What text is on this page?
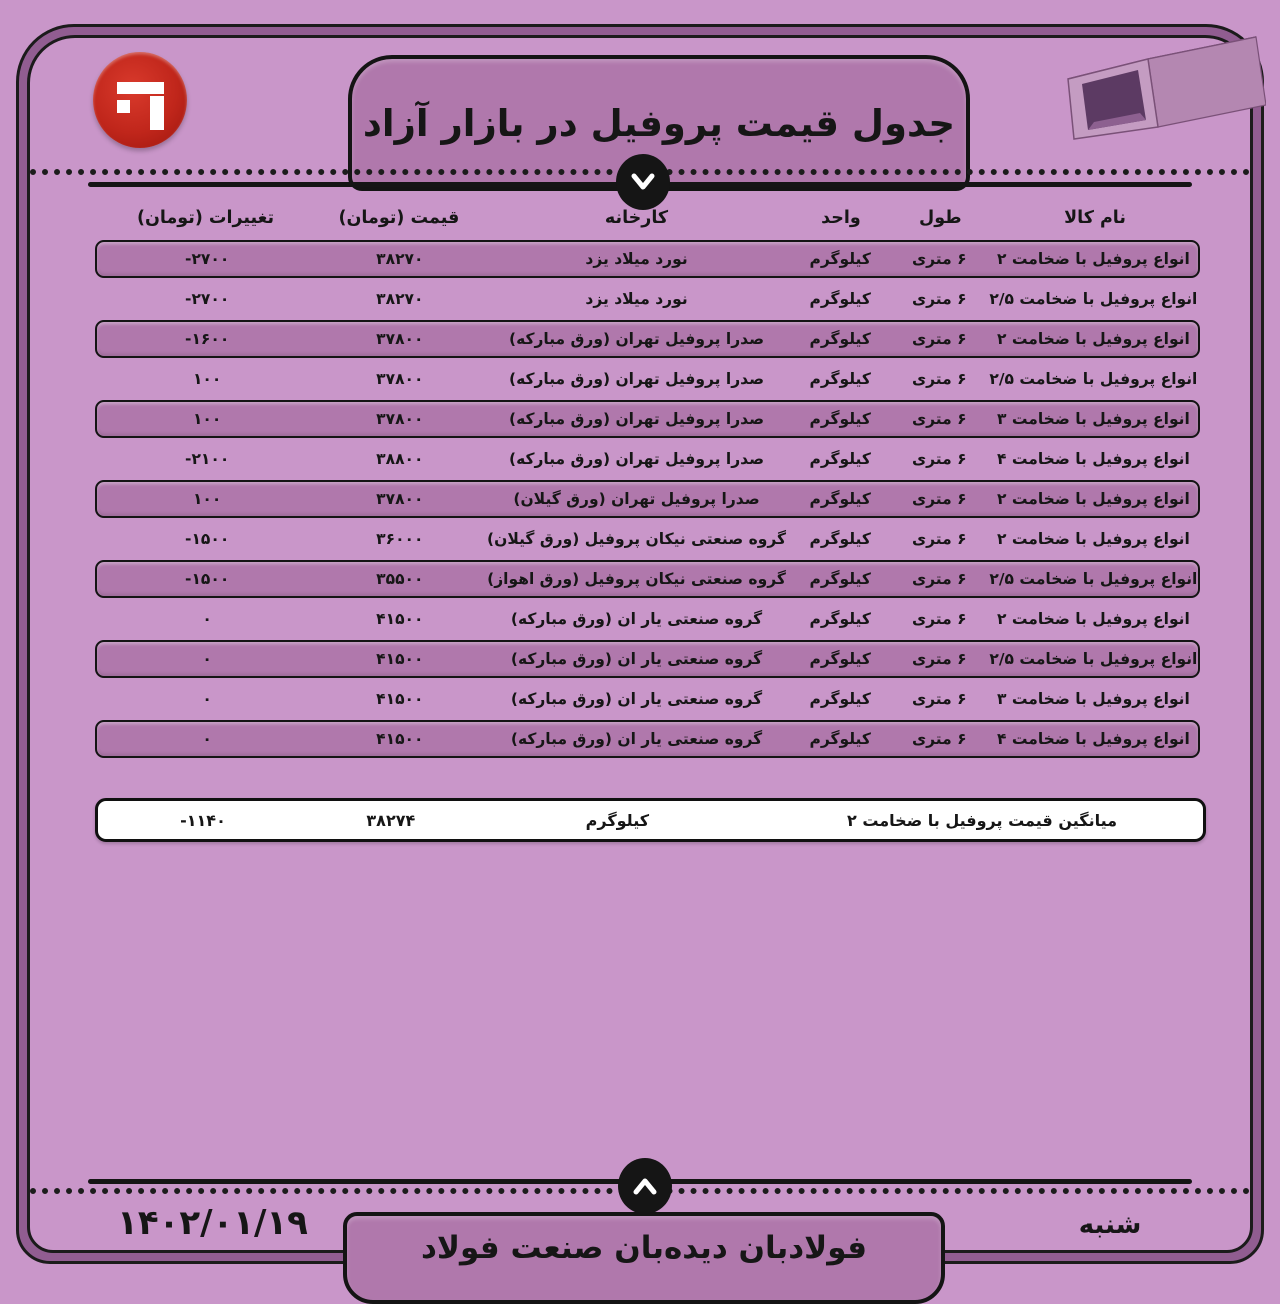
جدول قیمت پروفیل در بازار آزاد
نام کالا
طول
واحد
کارخانه
قیمت (تومان)
تغییرات (تومان)
انواع پروفیل با ضخامت ۲
۶ متری
کیلوگرم
نورد میلاد یزد
۳۸۲۷۰
-۲۷۰۰
انواع پروفیل با ضخامت ۲/۵
۶ متری
کیلوگرم
نورد میلاد یزد
۳۸۲۷۰
-۲۷۰۰
انواع پروفیل با ضخامت ۲
۶ متری
کیلوگرم
صدرا پروفیل تهران (ورق مبارکه)
۳۷۸۰۰
-۱۶۰۰
انواع پروفیل با ضخامت ۲/۵
۶ متری
کیلوگرم
صدرا پروفیل تهران (ورق مبارکه)
۳۷۸۰۰
۱۰۰
انواع پروفیل با ضخامت ۳
۶ متری
کیلوگرم
صدرا پروفیل تهران (ورق مبارکه)
۳۷۸۰۰
۱۰۰
انواع پروفیل با ضخامت ۴
۶ متری
کیلوگرم
صدرا پروفیل تهران (ورق مبارکه)
۳۸۸۰۰
-۲۱۰۰
انواع پروفیل با ضخامت ۲
۶ متری
کیلوگرم
صدرا پروفیل تهران (ورق گیلان)
۳۷۸۰۰
۱۰۰
انواع پروفیل با ضخامت ۲
۶ متری
کیلوگرم
گروه صنعتی نیکان پروفیل (ورق گیلان)
۳۶۰۰۰
-۱۵۰۰
انواع پروفیل با ضخامت ۲/۵
۶ متری
کیلوگرم
گروه صنعتی نیکان پروفیل (ورق اهواز)
۳۵۵۰۰
-۱۵۰۰
انواع پروفیل با ضخامت ۲
۶ متری
کیلوگرم
گروه صنعتی یار ان (ورق مبارکه)
۴۱۵۰۰
۰
انواع پروفیل با ضخامت ۲/۵
۶ متری
کیلوگرم
گروه صنعتی یار ان (ورق مبارکه)
۴۱۵۰۰
۰
انواع پروفیل با ضخامت ۳
۶ متری
کیلوگرم
گروه صنعتی یار ان (ورق مبارکه)
۴۱۵۰۰
۰
انواع پروفیل با ضخامت ۴
۶ متری
کیلوگرم
گروه صنعتی یار ان (ورق مبارکه)
۴۱۵۰۰
۰
میانگین قیمت پروفیل با ضخامت ۲
کیلوگرم
۳۸۲۷۴
-۱۱۴۰
۱۴۰۲/۰۱/۱۹	شنبه
فولادبان دیده‌بان صنعت فولاد
